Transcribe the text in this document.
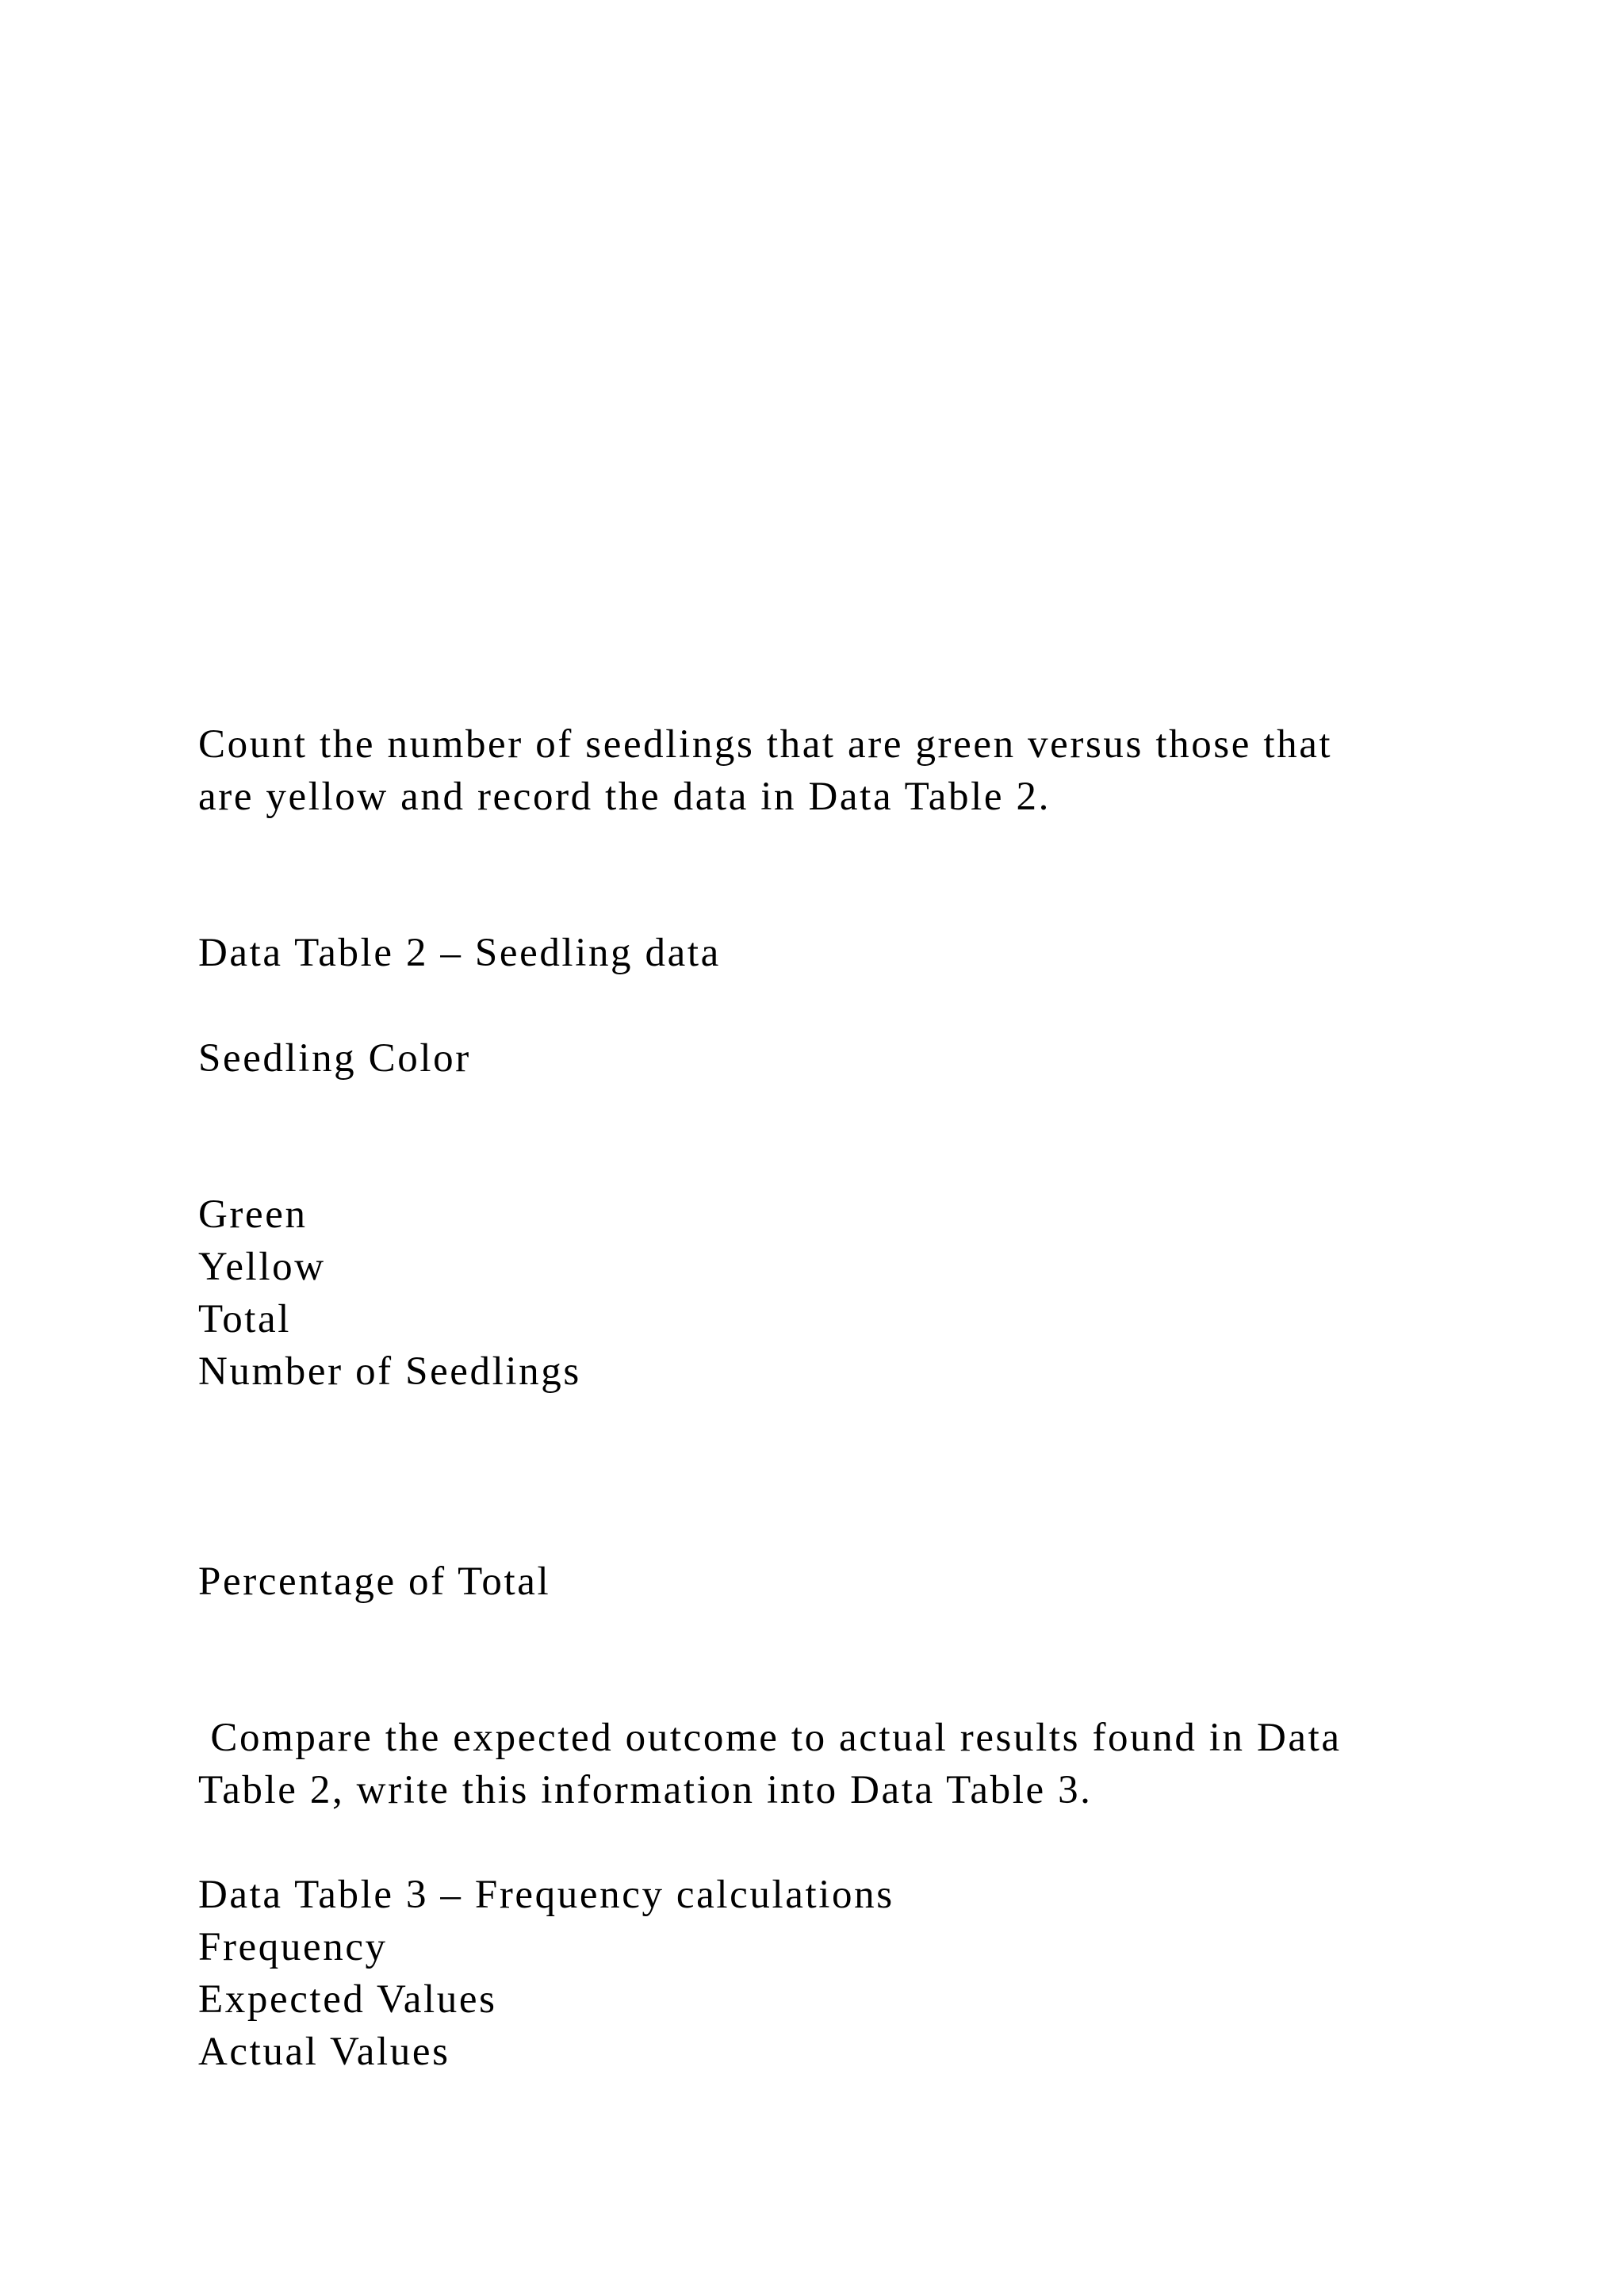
Count the number of seedlings that are green versus those that
are yellow and record the data in Data Table 2.
Data Table 2 – Seedling data
Seedling Color
Green
Yellow
Total
Number of Seedlings
Percentage of Total
Compare the expected outcome to actual results found in Data
Table 2, write this information into Data Table 3.
Data Table 3 – Frequency calculations
Frequency
Expected Values
Actual Values
